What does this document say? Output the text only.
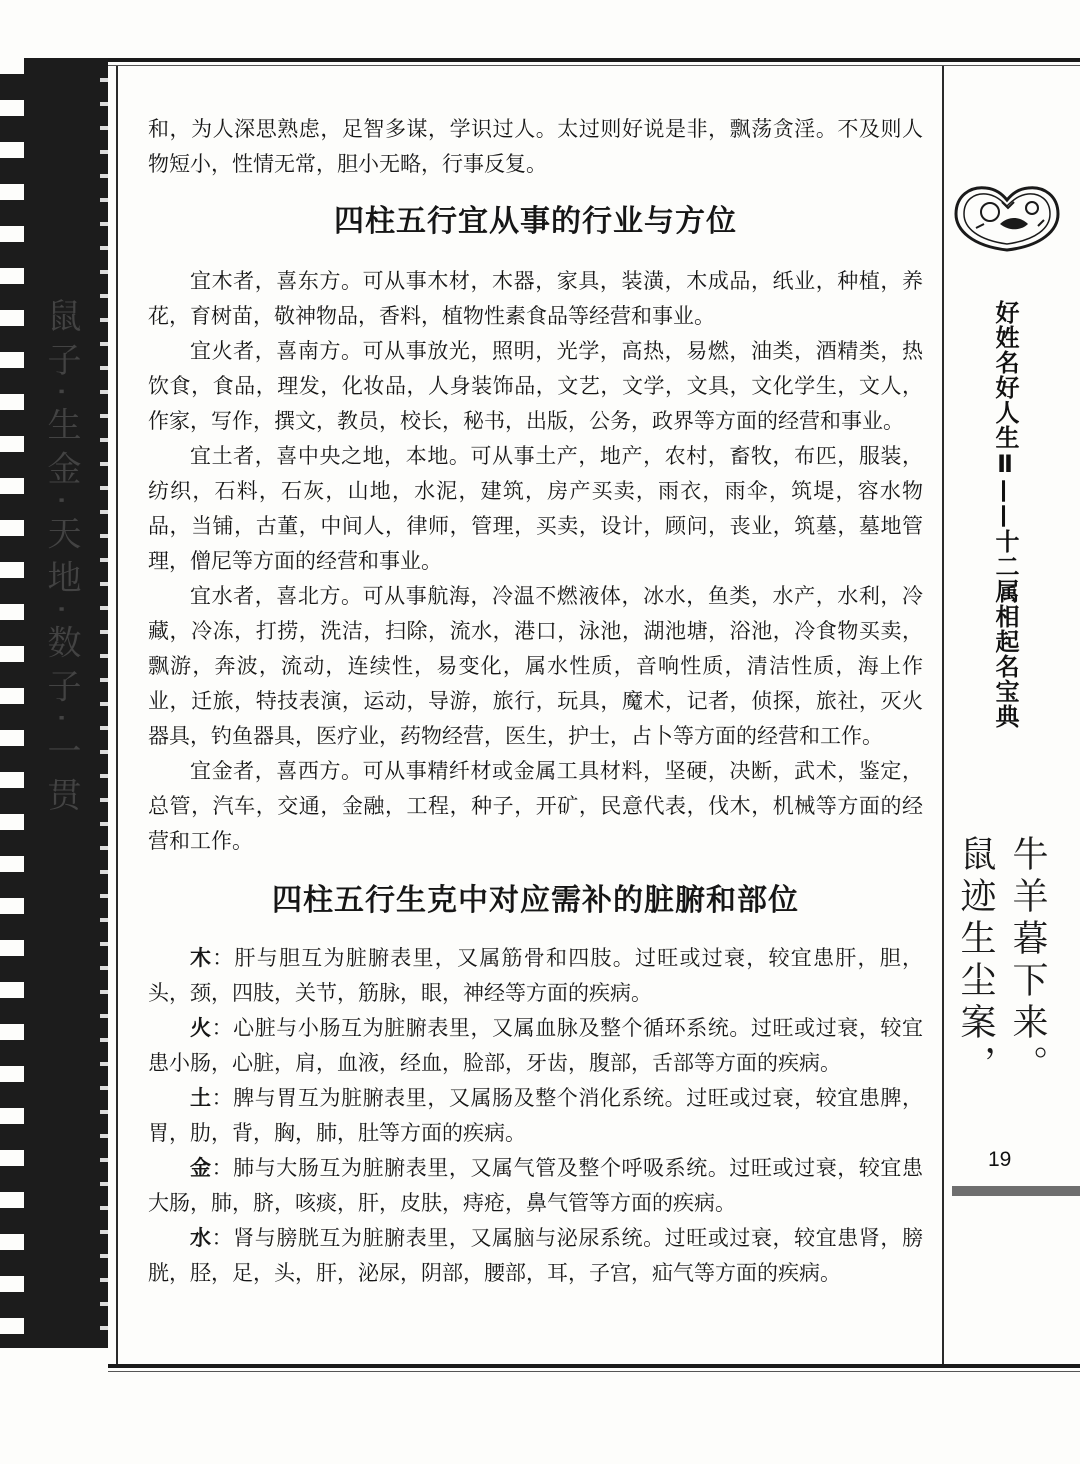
鼠子·生金·天地·数子·一贯

和，为人深思熟虑，足智多谋，学识过人。太过则好说是非，飘荡贪淫。不及则人物短小，性情无常，胆小无略，行事反复。

四柱五行宜从事的行业与方位

宜木者，喜东方。可从事木材，木器，家具，装潢，木成品，纸业，种植，养花，育树苗，敬神物品，香料，植物性素食品等经营和事业。

宜火者，喜南方。可从事放光，照明，光学，高热，易燃，油类，酒精类，热饮食，食品，理发，化妆品，人身装饰品，文艺，文学，文具，文化学生，文人，作家，写作，撰文，教员，校长，秘书，出版，公务，政界等方面的经营和事业。

宜土者，喜中央之地，本地。可从事土产，地产，农村，畜牧，布匹，服装，纺织，石料，石灰，山地，水泥，建筑，房产买卖，雨衣，雨伞，筑堤，容水物品，当铺，古董，中间人，律师，管理，买卖，设计，顾问，丧业，筑墓，墓地管理，僧尼等方面的经营和事业。

宜水者，喜北方。可从事航海，冷温不燃液体，冰水，鱼类，水产，水利，冷藏，冷冻，打捞，洗洁，扫除，流水，港口，泳池，湖池塘，浴池，冷食物买卖，飘游，奔波，流动，连续性，易变化，属水性质，音响性质，清洁性质，海上作业，迁旅，特技表演，运动，导游，旅行，玩具，魔术，记者，侦探，旅社，灭火器具，钓鱼器具，医疗业，药物经营，医生，护士，占卜等方面的经营和工作。

宜金者，喜西方。可从事精纤材或金属工具材料，坚硬，决断，武术，鉴定，总管，汽车，交通，金融，工程，种子，开矿，民意代表，伐木，机械等方面的经营和工作。

四柱五行生克中对应需补的脏腑和部位

木：肝与胆互为脏腑表里，又属筋骨和四肢。过旺或过衰，较宜患肝，胆，头，颈，四肢，关节，筋脉，眼，神经等方面的疾病。

火：心脏与小肠互为脏腑表里，又属血脉及整个循环系统。过旺或过衰，较宜患小肠，心脏，肩，血液，经血，脸部，牙齿，腹部，舌部等方面的疾病。

土：脾与胃互为脏腑表里，又属肠及整个消化系统。过旺或过衰，较宜患脾，胃，肋，背，胸，肺，肚等方面的疾病。

金：肺与大肠互为脏腑表里，又属气管及整个呼吸系统。过旺或过衰，较宜患大肠，肺，脐，咳痰，肝，皮肤，痔疮，鼻气管等方面的疾病。

水：肾与膀胱互为脏腑表里，又属脑与泌尿系统。过旺或过衰，较宜患肾，膀胱，胫，足，头，肝，泌尿，阴部，腰部，耳，子宫，疝气等方面的疾病。

好姓名好人生Ⅱ——十二属相起名宝典
牛羊暮下来。
鼠迹生尘案，
19
